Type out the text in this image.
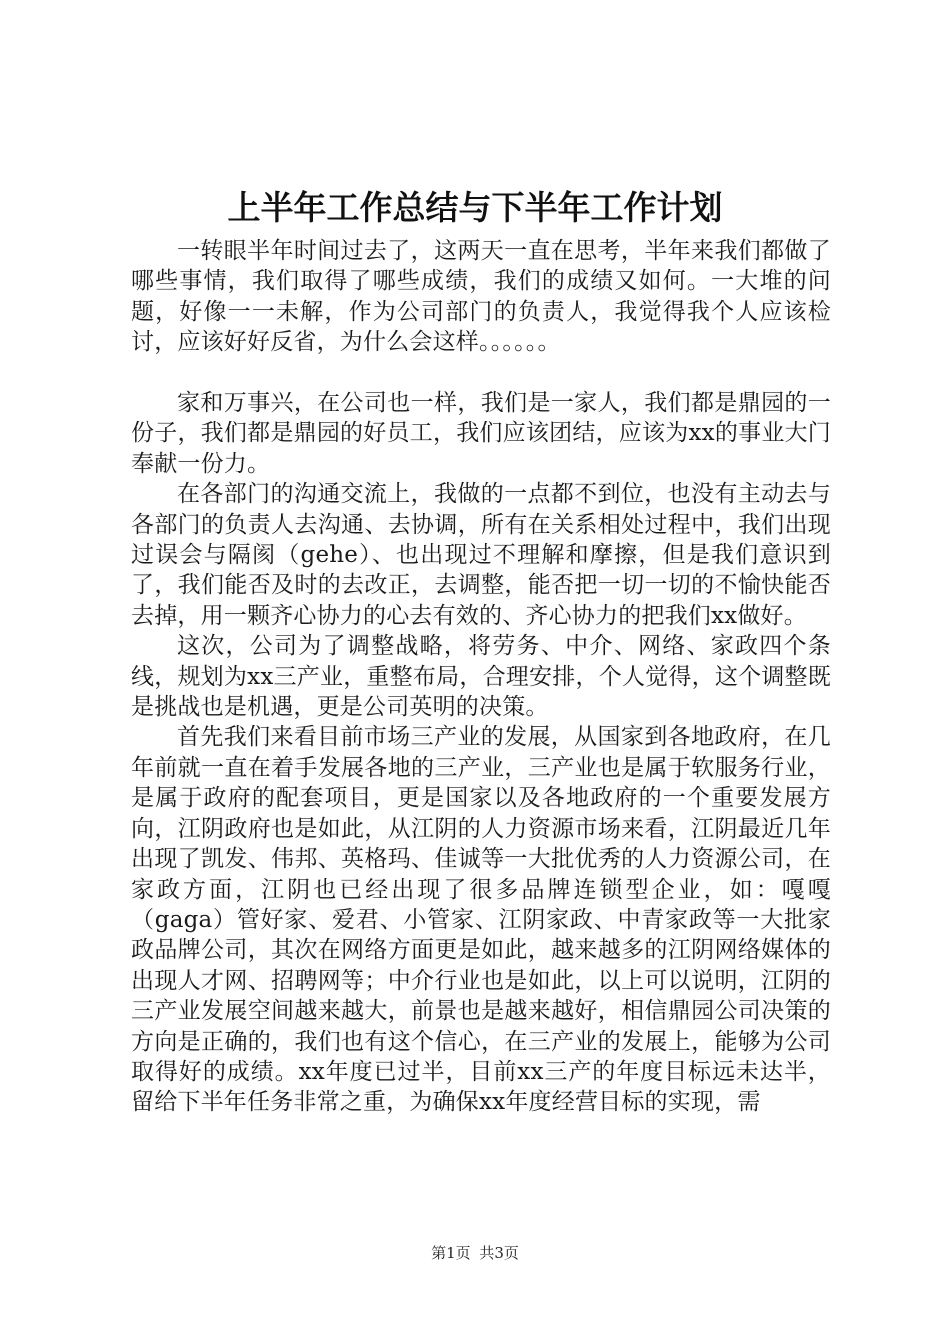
上半年工作总结与下半年工作计划

一转眼半年时间过去了，这两天一直在思考，半年来我们都做了哪些事情，我们取得了哪些成绩，我们的成绩又如何。一大堆的问题，好像一一未解，作为公司部门的负责人，我觉得我个人应该检讨，应该好好反省，为什么会这样。。。。。。

家和万事兴，在公司也一样，我们是一家人，我们都是鼎园的一份子，我们都是鼎园的好员工，我们应该团结，应该为xx的事业大门奉献一份力。

在各部门的沟通交流上，我做的一点都不到位，也没有主动去与各部门的负责人去沟通、去协调，所有在关系相处过程中，我们出现过误会与隔阂（gehe）、也出现过不理解和摩擦，但是我们意识到了，我们能否及时的去改正，去调整，能否把一切一切的不愉快能否去掉，用一颗齐心协力的心去有效的、齐心协力的把我们xx做好。

这次，公司为了调整战略，将劳务、中介、网络、家政四个条线，规划为xx三产业，重整布局，合理安排，个人觉得，这个调整既是挑战也是机遇，更是公司英明的决策。

首先我们来看目前市场三产业的发展，从国家到各地政府，在几年前就一直在着手发展各地的三产业，三产业也是属于软服务行业，是属于政府的配套项目，更是国家以及各地政府的一个重要发展方向，江阴政府也是如此，从江阴的人力资源市场来看，江阴最近几年出现了凯发、伟邦、英格玛、佳诚等一大批优秀的人力资源公司，在家政方面，江阴也已经出现了很多品牌连锁型企业，如：嘎嘎（gaga）管好家、爱君、小管家、江阴家政、中青家政等一大批家政品牌公司，其次在网络方面更是如此，越来越多的江阴网络媒体的出现人才网、招聘网等；中介行业也是如此，以上可以说明，江阴的三产业发展空间越来越大，前景也是越来越好，相信鼎园公司决策的方向是正确的，我们也有这个信心，在三产业的发展上，能够为公司取得好的成绩。xx年度已过半，目前xx三产的年度目标远未达半，留给下半年任务非常之重，为确保xx年度经营目标的实现，需

第1页 共3页
